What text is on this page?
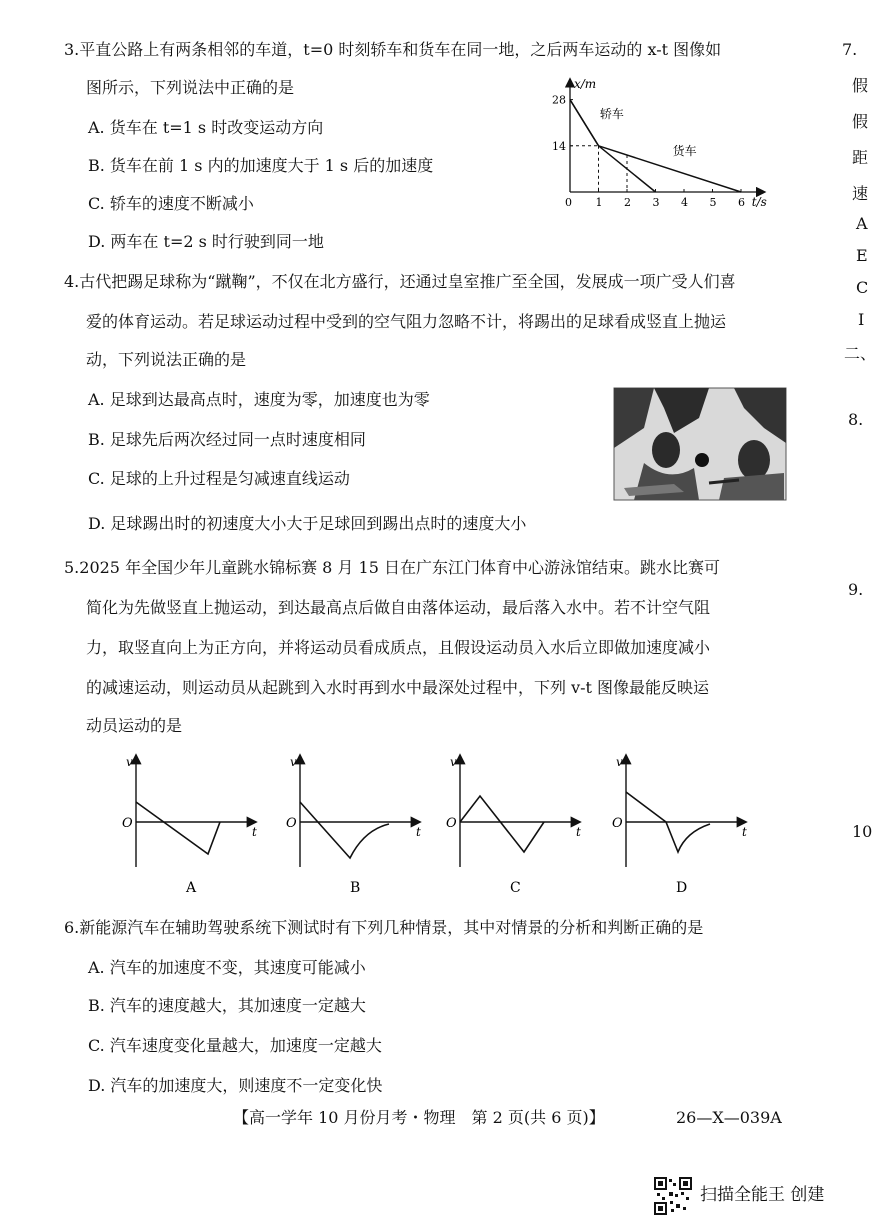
3.平直公路上有两条相邻的车道，t=0 时刻轿车和货车在同一地，之后两车运动的 x-t 图像如
图所示，下列说法中正确的是
A. 货车在 t=1 s 时改变运动方向
B. 货车在前 1 s 内的加速度大于 1 s 后的加速度
C. 轿车的速度不断减小
D. 两车在 t=2 s 时行驶到同一地
0 1 2 3 4 5 6
14
28
轿车
货车
x/m
t/s
4.古代把踢足球称为“蹴鞠”，不仅在北方盛行，还通过皇室推广至全国，发展成一项广受人们喜
爱的体育运动。若足球运动过程中受到的空气阻力忽略不计，将踢出的足球看成竖直上抛运
动，下列说法正确的是
A. 足球到达最高点时，速度为零，加速度也为零
B. 足球先后两次经过同一点时速度相同
C. 足球的上升过程是匀减速直线运动
D. 足球踢出时的初速度大小大于足球回到踢出点时的速度大小
5.2025 年全国少年儿童跳水锦标赛 8 月 15 日在广东江门体育中心游泳馆结束。跳水比赛可
简化为先做竖直上抛运动，到达最高点后做自由落体运动，最后落入水中。若不计空气阻
力，取竖直向上为正方向，并将运动员看成质点，且假设运动员入水后立即做加速度减小
的减速运动，则运动员从起跳到入水时再到水中最深处过程中，下列 v-t 图像最能反映运
动员运动的是
v
O
t
A
v
O
t
B
v
O
t
C
v
O
t
D
6.新能源汽车在辅助驾驶系统下测试时有下列几种情景，其中对情景的分析和判断正确的是
A. 汽车的加速度不变，其速度可能减小
B. 汽车的速度越大，其加速度一定越大
C. 汽车速度变化量越大，加速度一定越大
D. 汽车的加速度大，则速度不一定变化快
7.
假
假
距
速
A
E
C
I
二、
8.
9.
10
【高一学年 10 月份月考・物理　第 2 页(共 6 页)】	26—X—039A
扫描全能王 创建
